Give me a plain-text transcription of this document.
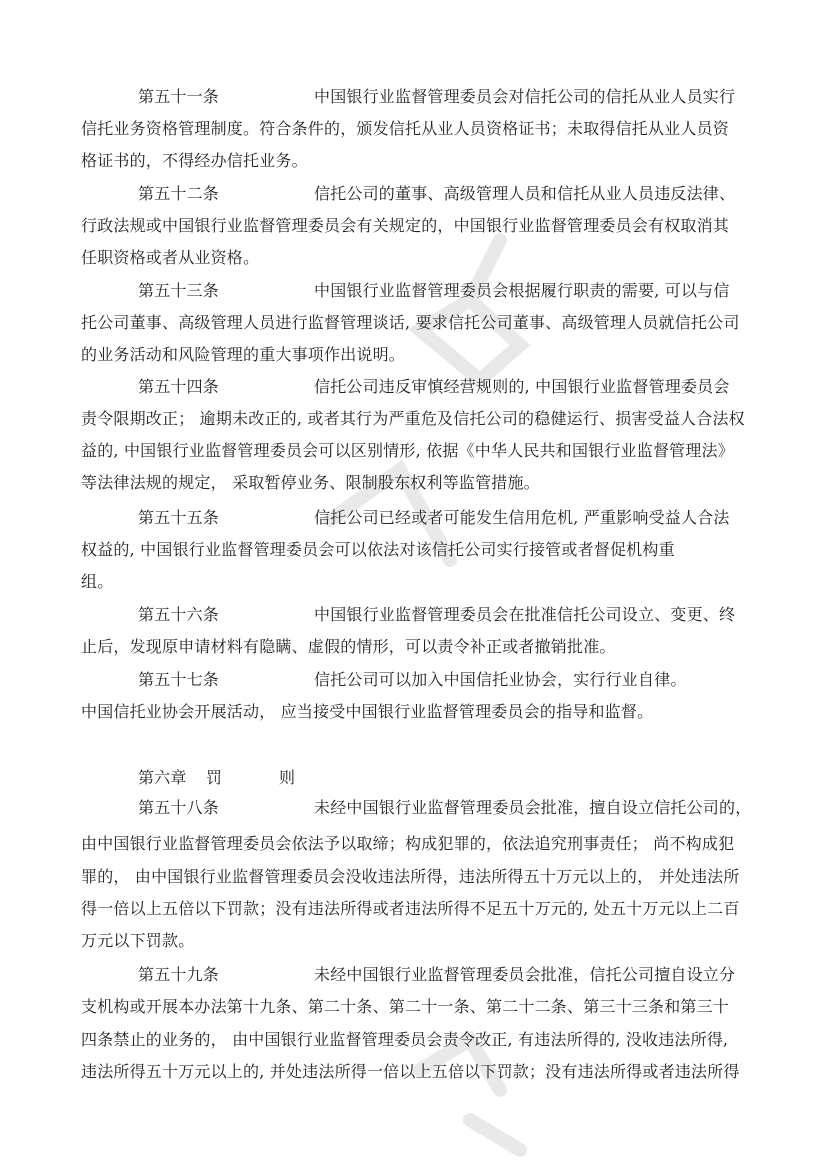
第五十一条	中国银行业监督管理委员会对信托公司的信托从业人员实行
信托业务资格管理制度。符合条件的，颁发信托从业人员资格证书；未取得信托从业人员资
格证书的，不得经办信托业务。
第五十二条	信托公司的董事、高级管理人员和信托从业人员违反法律、
行政法规或中国银行业监督管理委员会有关规定的，中国银行业监督管理委员会有权取消其
任职资格或者从业资格。
第五十三条	中国银行业监督管理委员会根据履行职责的需要, 可以与信
托公司董事、高级管理人员进行监督管理谈话, 要求信托公司董事、高级管理人员就信托公司
的业务活动和风险管理的重大事项作出说明。
第五十四条	信托公司违反审慎经营规则的, 中国银行业监督管理委员会
责令限期改正； 逾期未改正的, 或者其行为严重危及信托公司的稳健运行、损害受益人合法权
益的, 中国银行业监督管理委员会可以区别情形, 依据《中华人民共和国银行业监督管理法》
等法律法规的规定， 采取暂停业务、限制股东权利等监管措施。
第五十五条	信托公司已经或者可能发生信用危机, 严重影响受益人合法
权益的, 中国银行业监督管理委员会可以依法对该信托公司实行接管或者督促机构重
组。
第五十六条	中国银行业监督管理委员会在批准信托公司设立、变更、终
止后，发现原申请材料有隐瞒、虚假的情形，可以责令补正或者撤销批准。
第五十七条	信托公司可以加入中国信托业协会，实行行业自律。
中国信托业协会开展活动， 应当接受中国银行业监督管理委员会的指导和监督。
第六章 罚	则
第五十八条	未经中国银行业监督管理委员会批准，擅自设立信托公司的，
由中国银行业监督管理委员会依法予以取缔；构成犯罪的，依法追究刑事责任； 尚不构成犯
罪的， 由中国银行业监督管理委员会没收违法所得，违法所得五十万元以上的， 并处违法所
得一倍以上五倍以下罚款；没有违法所得或者违法所得不足五十万元的, 处五十万元以上二百
万元以下罚款。
第五十九条	未经中国银行业监督管理委员会批准，信托公司擅自设立分
支机构或开展本办法第十九条、第二十条、第二十一条、第二十二条、第三十三条和第三十
四条禁止的业务的， 由中国银行业监督管理委员会责令改正, 有违法所得的, 没收违法所得,
违法所得五十万元以上的, 并处违法所得一倍以上五倍以下罚款；没有违法所得或者违法所得
